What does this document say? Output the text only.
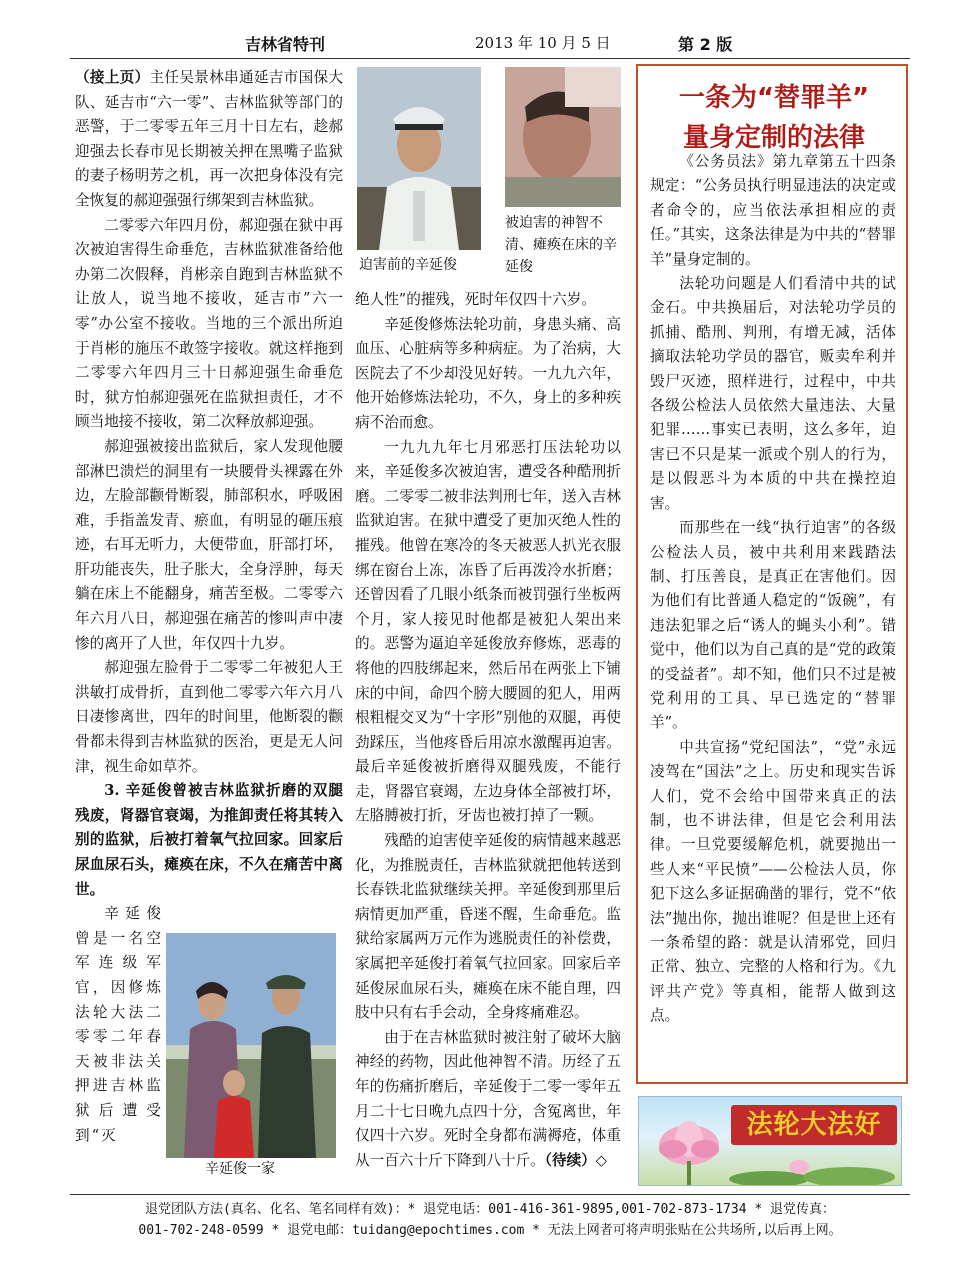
吉林省特刊	2013 年 10 月 5 日	第 2 版

（接上页）主任吴景林串通延吉市国保大队、延吉市“六一零”、吉林监狱等部门的恶警，于二零零五年三月十日左右，趁郝迎强去长春市见长期被关押在黑嘴子监狱的妻子杨明芳之机，再一次把身体没有完全恢复的郝迎强强行绑架到吉林监狱。

二零零六年四月份，郝迎强在狱中再次被迫害得生命垂危，吉林监狱准备给他办第二次假释，肖彬亲自跑到吉林监狱不让放人，说当地不接收，延吉市”六一零”办公室不接收。当地的三个派出所迫于肖彬的施压不敢签字接收。就这样拖到二零零六年四月三十日郝迎强生命垂危时，狱方怕郝迎强死在监狱担责任，才不顾当地接不接收，第二次释放郝迎强。

郝迎强被接出监狱后，家人发现他腰部淋巴溃烂的洞里有一块腰骨头裸露在外边，左脸部颧骨断裂，肺部积水，呼吸困难，手指盖发青、瘀血，有明显的砸压痕迹，右耳无听力，大便带血，肝部打坏，肝功能丧失，肚子胀大，全身浮肿，每天躺在床上不能翻身，痛苦至极。二零零六年六月八日，郝迎强在痛苦的惨叫声中凄惨的离开了人世，年仅四十九岁。

郝迎强左脸骨于二零零二年被犯人王洪敏打成骨折，直到他二零零六年六月八日凄惨离世，四年的时间里，他断裂的颧骨都未得到吉林监狱的医治，更是无人问津，视生命如草芥。

3. 辛延俊曾被吉林监狱折磨的双腿残废，肾器官衰竭，为推卸责任将其转入别的监狱，后被打着氧气拉回家。回家后尿血尿石头，瘫痪在床，不久在痛苦中离世。

辛延俊曾是一名空军连级军官，因修炼法轮大法二零零二年春天被非法关押进吉林监狱后遭受到“灭

被迫害的神智不清、瘫痪在床的辛延俊
迫害前的辛延俊

绝人性”的摧残，死时年仅四十六岁。

辛延俊修炼法轮功前，身患头痛、高血压、心脏病等多种病症。为了治病，大医院去了不少却没见好转。一九九六年，他开始修炼法轮功，不久，身上的多种疾病不治而愈。

一九九九年七月邪恶打压法轮功以来，辛延俊多次被迫害，遭受各种酷刑折磨。二零零二被非法判刑七年，送入吉林监狱迫害。在狱中遭受了更加灭绝人性的摧残。他曾在寒冷的冬天被恶人扒光衣服绑在窗台上冻，冻昏了后再泼冷水折磨；还曾因看了几眼小纸条而被罚强行坐板两个月，家人接见时他都是被犯人架出来的。恶警为逼迫辛延俊放弃修炼，恶毒的将他的四肢绑起来，然后吊在两张上下铺床的中间，命四个膀大腰圆的犯人，用两根粗棍交叉为“十字形”别他的双腿，再使劲踩压，当他疼昏后用凉水激醒再迫害。最后辛延俊被折磨得双腿残废，不能行走，肾器官衰竭，左边身体全部被打坏，左胳膊被打折，牙齿也被打掉了一颗。

残酷的迫害使辛延俊的病情越来越恶化，为推脱责任，吉林监狱就把他转送到长春铁北监狱继续关押。辛延俊到那里后病情更加严重，昏迷不醒，生命垂危。监狱给家属两万元作为逃脱责任的补偿费，家属把辛延俊打着氧气拉回家。回家后辛延俊尿血尿石头，瘫痪在床不能自理，四肢中只有右手会动，全身疼痛难忍。

由于在吉林监狱时被注射了破坏大脑神经的药物，因此他神智不清。历经了五年的伤痛折磨后，辛延俊于二零一零年五月二十七日晚九点四十分，含冤离世，年仅四十六岁。死时全身都布满褥疮，体重从一百六十斤下降到八十斤。（待续）◇

辛延俊一家
一条为“替罪羊”
量身定制的法律

《公务员法》第九章第五十四条规定：“公务员执行明显违法的决定或者命令的，应当依法承担相应的责任。”其实，这条法律是为中共的“替罪羊”量身定制的。

法轮功问题是人们看清中共的试金石。中共换届后，对法轮功学员的抓捕、酷刑、判刑，有增无减，活体摘取法轮功学员的器官，贩卖牟利并毁尸灭迹，照样进行，过程中，中共各级公检法人员依然大量违法、大量犯罪……事实已表明，这么多年，迫害已不只是某一派或个别人的行为，是以假恶斗为本质的中共在操控迫害。

而那些在一线“执行迫害”的各级公检法人员，被中共利用来践踏法制、打压善良，是真正在害他们。因为他们有比普通人稳定的“饭碗”，有违法犯罪之后“诱人的蝇头小利”。错觉中，他们以为自己真的是“党的政策的受益者”。却不知，他们只不过是被党利用的工具、早已选定的“替罪羊”。

中共宣扬“党纪国法”，“党”永远凌驾在“国法”之上。历史和现实告诉人们，党不会给中国带来真正的法制，也不讲法律，但是它会利用法律。一旦党要缓解危机，就要抛出一些人来“平民愤”——公检法人员，你犯下这么多证据确凿的罪行，党不“依法”抛出你，抛出谁呢？但是世上还有一条希望的路：就是认清邪党，回归正常、独立、完整的人格和行为。《九评共产党》等真相，能帮人做到这点。

法轮大法好
退党团队方法(真名、化名、笔名同样有效)：* 退党电话：001-416-361-9895,001-702-873-1734 * 退党传真：
001-702-248-0599 * 退党电邮：tuidang@epochtimes.com * 无法上网者可将声明张贴在公共场所,以后再上网。
